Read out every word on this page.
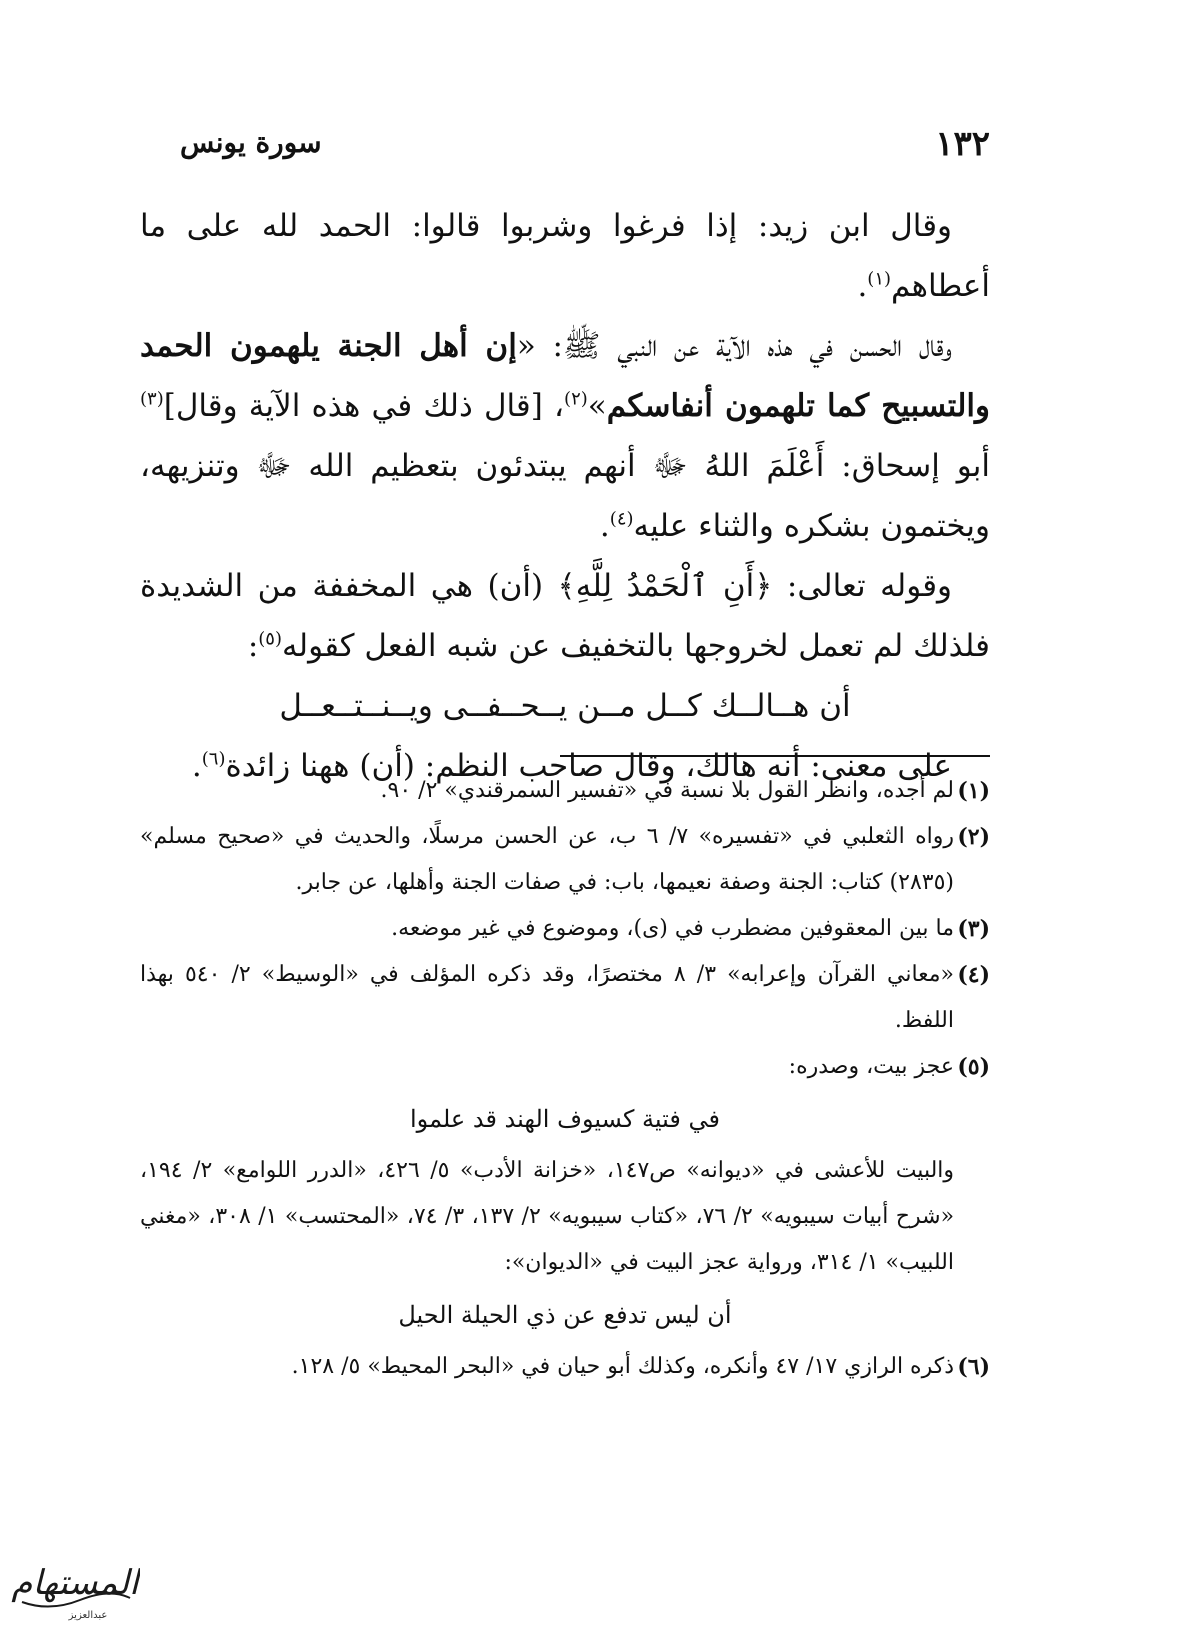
١٣٢
سورة يونس

وقال ابن زيد: إذا فرغوا وشربوا قالوا: الحمد لله على ما أعطاهم$^{(١)}$.

وقال الحسن في هذه الآية عن النبي ﷺ: «إن أهل الجنة يلهمون الحمد والتسبيح كما تلهمون أنفاسكم»$^{(٢)}$، [قال ذلك في هذه الآية وقال]$^{(٣)}$ أبو إسحاق: أَعْلَمَ اللهُ ﷻ أنهم يبتدئون بتعظيم الله ﷻ وتنزيهه، ويختمون بشكره والثناء عليه$^{(٤)}$.

وقوله تعالى: ﴿أَنِ ٱلْحَمْدُ لِلَّهِ﴾ (أن) هي المخففة من الشديدة فلذلك لم تعمل لخروجها بالتخفيف عن شبه الفعل كقوله$^{(٥)}$:

أن هــالــك كــل مــن يــحــفــى ويــنــتــعــل

على معنى: أنه هالك، وقال صاحب النظم: (أن) ههنا زائدة$^{(٦)}$.

(١)
لم أجده، وانظر القول بلا نسبة في «تفسير السمرقندي» ٢/ ٩٠.

(٢)
رواه الثعلبي في «تفسيره» ٧/ ٦ ب، عن الحسن مرسلًا، والحديث في «صحيح مسلم» (٢٨٣٥) كتاب: الجنة وصفة نعيمها، باب: في صفات الجنة وأهلها، عن جابر.

(٣)
ما بين المعقوفين مضطرب في (ى)، وموضوع في غير موضعه.

(٤)
«معاني القرآن وإعرابه» ٣/ ٨ مختصرًا، وقد ذكره المؤلف في «الوسيط» ٢/ ٥٤٠ بهذا اللفظ.

(٥)
عجز بيت، وصدره:

في فتية كسيوف الهند قد علموا

والبيت للأعشى في «ديوانه» ص١٤٧، «خزانة الأدب» ٥/ ٤٢٦، «الدرر اللوامع» ٢/ ١٩٤، «شرح أبيات سيبويه» ٢/ ٧٦، «كتاب سيبويه» ٢/ ١٣٧، ٣/ ٧٤، «المحتسب» ١/ ٣٠٨، «مغني اللبيب» ١/ ٣١٤، ورواية عجز البيت في «الديوان»:

أن ليس تدفع عن ذي الحيلة الحيل

(٦)
ذكره الرازي ١٧/ ٤٧ وأنكره، وكذلك أبو حيان في «البحر المحيط» ٥/ ١٢٨.

المستهام
عبدالعزيز
